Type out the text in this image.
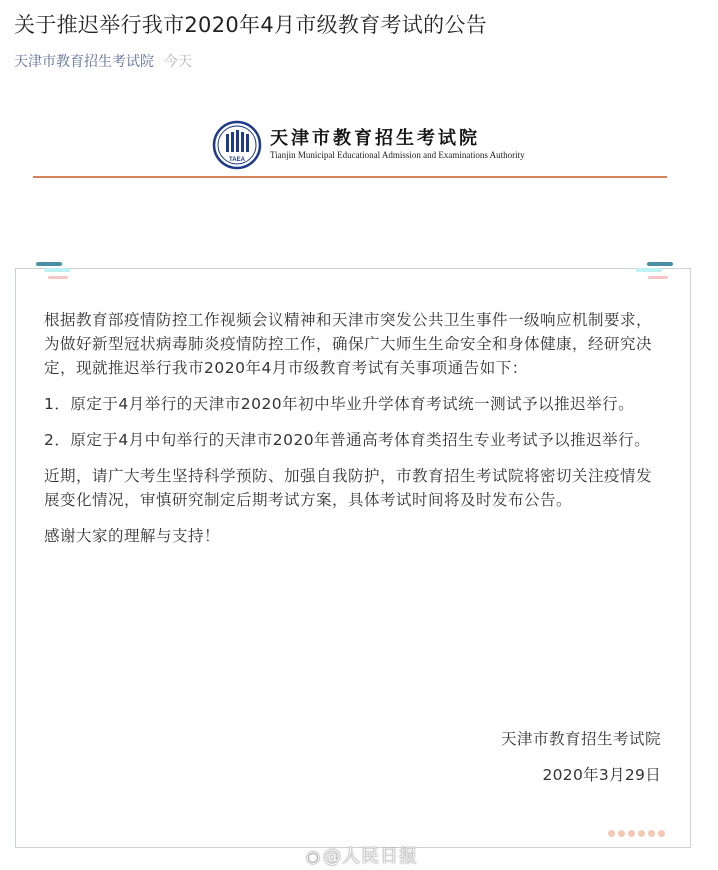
关于推迟举行我市2020年4月市级教育考试的公告
天津市教育招生考试院 今天
TAEA
天津市教育招生考试院
Tianjin Municipal Educational Admission and Examinations Authority

根据教育部疫情防控工作视频会议精神和天津市突发公共卫生事件一级响应机制要求，为做好新型冠状病毒肺炎疫情防控工作，确保广大师生生命安全和身体健康，经研究决定，现就推迟举行我市2020年4月市级教育考试有关事项通告如下：

1．原定于4月举行的天津市2020年初中毕业升学体育考试统一测试予以推迟举行。

2．原定于4月中旬举行的天津市2020年普通高考体育类招生专业考试予以推迟举行。

近期，请广大考生坚持科学预防、加强自我防护，市教育招生考试院将密切关注疫情发展变化情况，审慎研究制定后期考试方案，具体考试时间将及时发布公告。

感谢大家的理解与支持！

天津市教育招生考试院
2020年3月29日
◉ @人民日报
